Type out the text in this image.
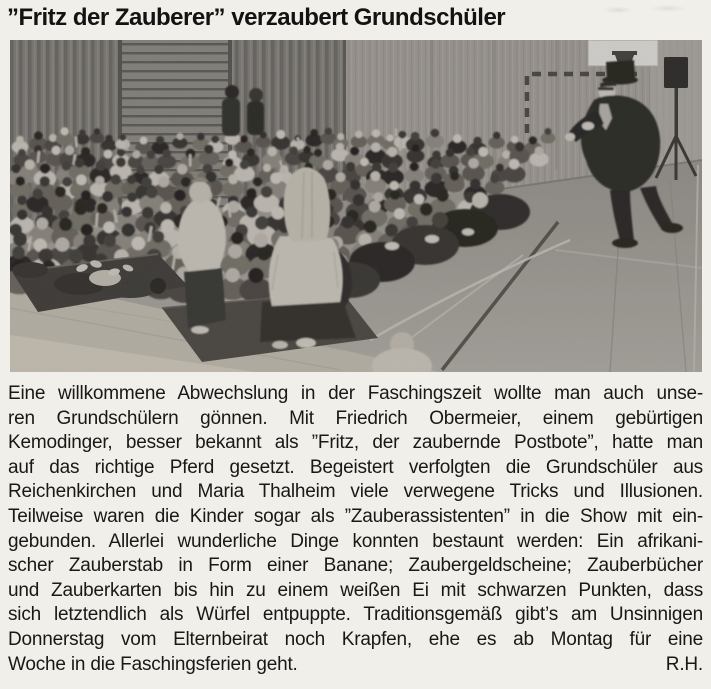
”Fritz der Zauberer” verzaubert Grundschüler
Eine willkommene Abwechslung in der Faschingszeit wollte man auch unse-
ren Grundschülern gönnen. Mit Friedrich Obermeier, einem gebürtigen
Kemodinger, besser bekannt als ”Fritz, der zaubernde Postbote”, hatte man
auf das richtige Pferd gesetzt. Begeistert verfolgten die Grundschüler aus
Reichenkirchen und Maria Thalheim viele verwegene Tricks und Illusionen.
Teilweise waren die Kinder sogar als ”Zauberassistenten” in die Show mit ein-
gebunden. Allerlei wunderliche Dinge konnten bestaunt werden: Ein afrikani-
scher Zauberstab in Form einer Banane; Zaubergeldscheine; Zauberbücher
und Zauberkarten bis hin zu einem weißen Ei mit schwarzen Punkten, dass
sich letztendlich als Würfel entpuppte. Traditionsgemäß gibt’s am Unsinnigen
Donnerstag vom Elternbeirat noch Krapfen, ehe es ab Montag für eine
Woche in die Faschingsferien geht.	R.H.
